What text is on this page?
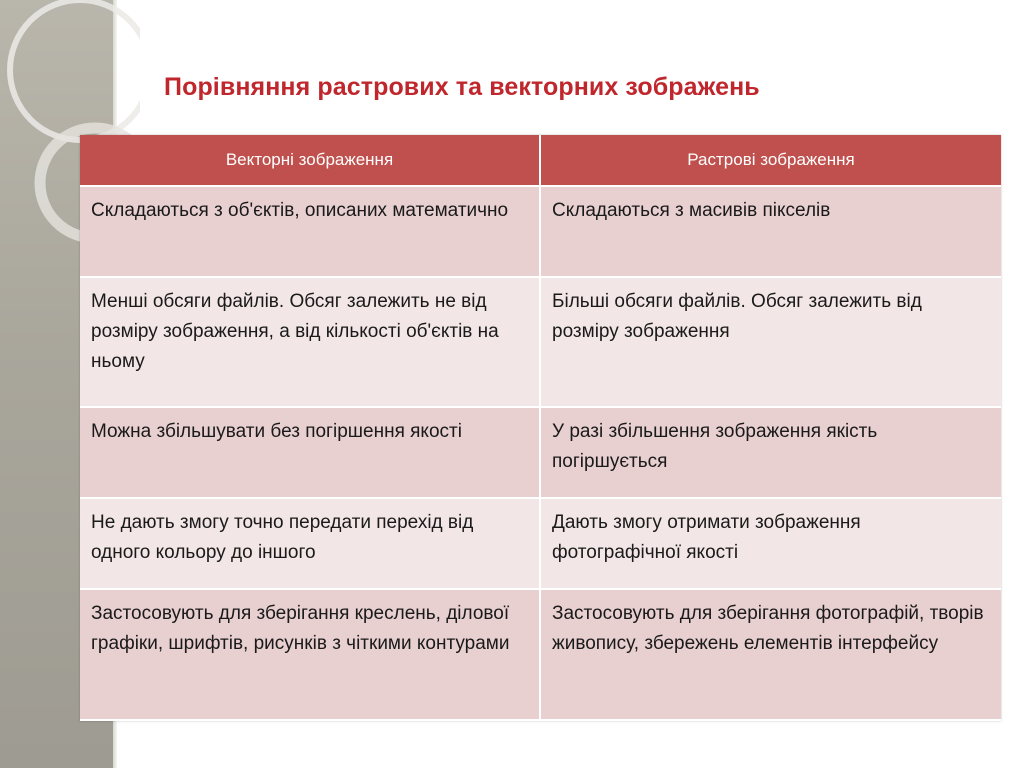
Порівняння растрових та векторних зображень
Векторні зображення	Растрові зображення
Складаються з об'єктів, описаних математично	Складаються з масивів пікселів
Менші обсяги файлів. Обсяг залежить не від розміру зображення, а від кількості об'єктів на ньому	Більші обсяги файлів. Обсяг залежить від розміру зображення
Можна збільшувати без погіршення якості	У разі збільшення зображення якість погіршується
Не дають змогу точно передати перехід від одного кольору до іншого	Дають змогу отримати зображення фотографічної якості
Застосовують для зберігання креслень, ділової графіки, шрифтів, рисунків з чіткими контурами	Застосовують для зберігання фотографій, творів живопису, збережень елементів інтерфейсу
